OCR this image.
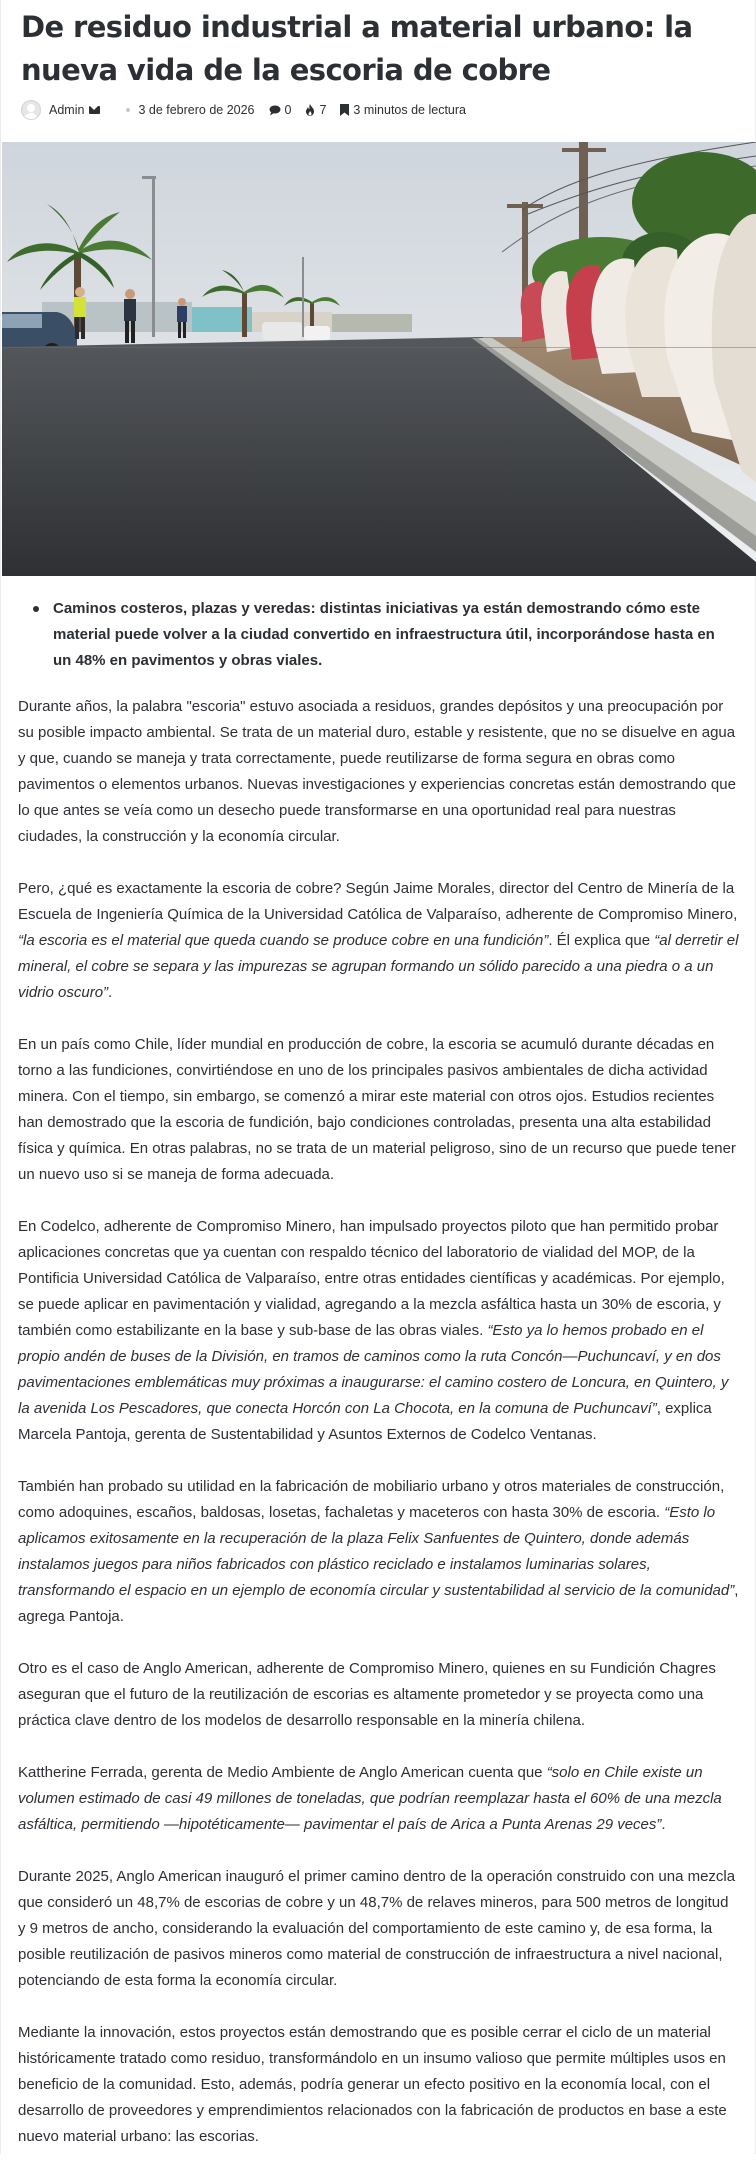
De residuo industrial a material urbano: la nueva vida de la escoria de cobre
Admin	3 de febrero de 2026 0 7 3 minutos de lectura
Caminos costeros, plazas y veredas: distintas iniciativas ya están demostrando cómo este material puede volver a la ciudad convertido en infraestructura útil, incorporándose hasta en un 48% en pavimentos y obras viales.

Durante años, la palabra "escoria" estuvo asociada a residuos, grandes depósitos y una preocupación por su posible impacto ambiental. Se trata de un material duro, estable y resistente, que no se disuelve en agua y que, cuando se maneja y trata correctamente, puede reutilizarse de forma segura en obras como pavimentos o elementos urbanos. Nuevas investigaciones y experiencias concretas están demostrando que lo que antes se veía como un desecho puede transformarse en una oportunidad real para nuestras ciudades, la construcción y la economía circular.

Pero, ¿qué es exactamente la escoria de cobre? Según Jaime Morales, director del Centro de Minería de la Escuela de Ingeniería Química de la Universidad Católica de Valparaíso, adherente de Compromiso Minero, “la escoria es el material que queda cuando se produce cobre en una fundición”. Él explica que “al derretir el mineral, el cobre se separa y las impurezas se agrupan formando un sólido parecido a una piedra o a un vidrio oscuro”.

En un país como Chile, líder mundial en producción de cobre, la escoria se acumuló durante décadas en torno a las fundiciones, convirtiéndose en uno de los principales pasivos ambientales de dicha actividad minera. Con el tiempo, sin embargo, se comenzó a mirar este material con otros ojos. Estudios recientes han demostrado que la escoria de fundición, bajo condiciones controladas, presenta una alta estabilidad física y química. En otras palabras, no se trata de un material peligroso, sino de un recurso que puede tener un nuevo uso si se maneja de forma adecuada.

En Codelco, adherente de Compromiso Minero, han impulsado proyectos piloto que han permitido probar aplicaciones concretas que ya cuentan con respaldo técnico del laboratorio de vialidad del MOP, de la Pontificia Universidad Católica de Valparaíso, entre otras entidades científicas y académicas. Por ejemplo, se puede aplicar en pavimentación y vialidad, agregando a la mezcla asfáltica hasta un 30% de escoria, y también como estabilizante en la base y sub-base de las obras viales. “Esto ya lo hemos probado en el propio andén de buses de la División, en tramos de caminos como la ruta Concón—Puchuncaví, y en dos pavimentaciones emblemáticas muy próximas a inaugurarse: el camino costero de Loncura, en Quintero, y la avenida Los Pescadores, que conecta Horcón con La Chocota, en la comuna de Puchuncaví”, explica Marcela Pantoja, gerenta de Sustentabilidad y Asuntos Externos de Codelco Ventanas.

También han probado su utilidad en la fabricación de mobiliario urbano y otros materiales de construcción, como adoquines, escaños, baldosas, losetas, fachaletas y maceteros con hasta 30% de escoria. “Esto lo aplicamos exitosamente en la recuperación de la plaza Felix Sanfuentes de Quintero, donde además instalamos juegos para niños fabricados con plástico reciclado e instalamos luminarias solares, transformando el espacio en un ejemplo de economía circular y sustentabilidad al servicio de la comunidad”, agrega Pantoja.

Otro es el caso de Anglo American, adherente de Compromiso Minero, quienes en su Fundición Chagres aseguran que el futuro de la reutilización de escorias es altamente prometedor y se proyecta como una práctica clave dentro de los modelos de desarrollo responsable en la minería chilena.

Kattherine Ferrada, gerenta de Medio Ambiente de Anglo American cuenta que “solo en Chile existe un volumen estimado de casi 49 millones de toneladas, que podrían reemplazar hasta el 60% de una mezcla asfáltica, permitiendo —hipotéticamente— pavimentar el país de Arica a Punta Arenas 29 veces”.

Durante 2025, Anglo American inauguró el primer camino dentro de la operación construido con una mezcla que consideró un 48,7% de escorias de cobre y un 48,7% de relaves mineros, para 500 metros de longitud y 9 metros de ancho, considerando la evaluación del comportamiento de este camino y, de esa forma, la posible reutilización de pasivos mineros como material de construcción de infraestructura a nivel nacional, potenciando de esta forma la economía circular.

Mediante la innovación, estos proyectos están demostrando que es posible cerrar el ciclo de un material históricamente tratado como residuo, transformándolo en un insumo valioso que permite múltiples usos en beneficio de la comunidad. Esto, además, podría generar un efecto positivo en la economía local, con el desarrollo de proveedores y emprendimientos relacionados con la fabricación de productos en base a este nuevo material urbano: las escorias.
